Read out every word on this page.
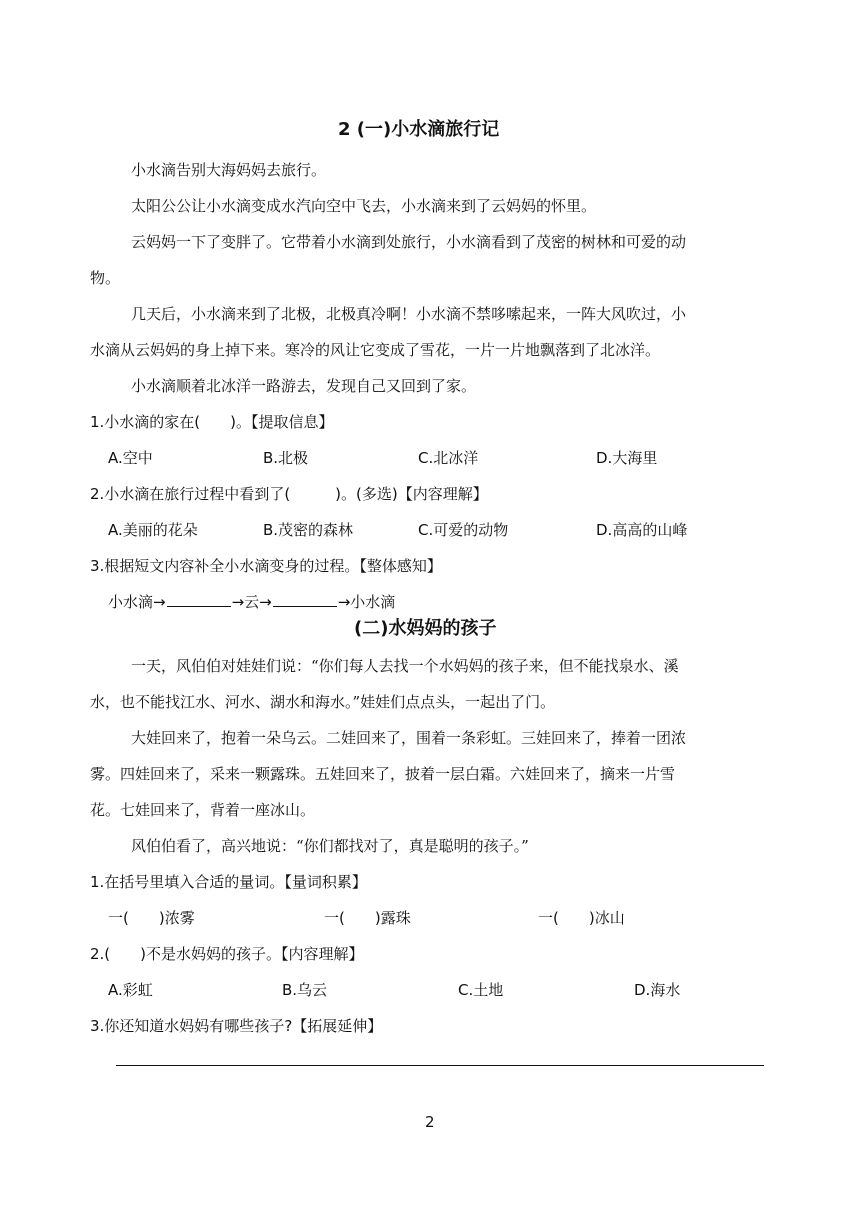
2 (一)小水滴旅行记
小水滴告别大海妈妈去旅行。
太阳公公让小水滴变成水汽向空中飞去，小水滴来到了云妈妈的怀里。
云妈妈一下了变胖了。它带着小水滴到处旅行，小水滴看到了茂密的树林和可爱的动
物。
几天后，小水滴来到了北极，北极真冷啊！小水滴不禁哆嗦起来，一阵大风吹过，小
水滴从云妈妈的身上掉下来。寒冷的风让它变成了雪花，一片一片地飘落到了北冰洋。
小水滴顺着北冰洋一路游去，发现自己又回到了家。
1.小水滴的家在(　　)。【提取信息】
A.空中	B.北极	C.北冰洋	D.大海里
2.小水滴在旅行过程中看到了(　　　)。(多选)【内容理解】
A.美丽的花朵	B.茂密的森林	C.可爱的动物	D.高高的山峰
3.根据短文内容补全小水滴变身的过程。【整体感知】
小水滴→	→云→	→小水滴
(二)水妈妈的孩子
一天，风伯伯对娃娃们说：“你们每人去找一个水妈妈的孩子来，但不能找泉水、溪
水，也不能找江水、河水、湖水和海水。”娃娃们点点头，一起出了门。
大娃回来了，抱着一朵乌云。二娃回来了，围着一条彩虹。三娃回来了，捧着一团浓
雾。四娃回来了，采来一颗露珠。五娃回来了，披着一层白霜。六娃回来了，摘来一片雪
花。七娃回来了，背着一座冰山。
风伯伯看了，高兴地说：“你们都找对了，真是聪明的孩子。”
1.在括号里填入合适的量词。【量词积累】
一(　　)浓雾	一(　　)露珠	一(　　)冰山
2.(　　)不是水妈妈的孩子。【内容理解】
A.彩虹	B.乌云	C.土地	D.海水
3.你还知道水妈妈有哪些孩子?【拓展延伸】
2
